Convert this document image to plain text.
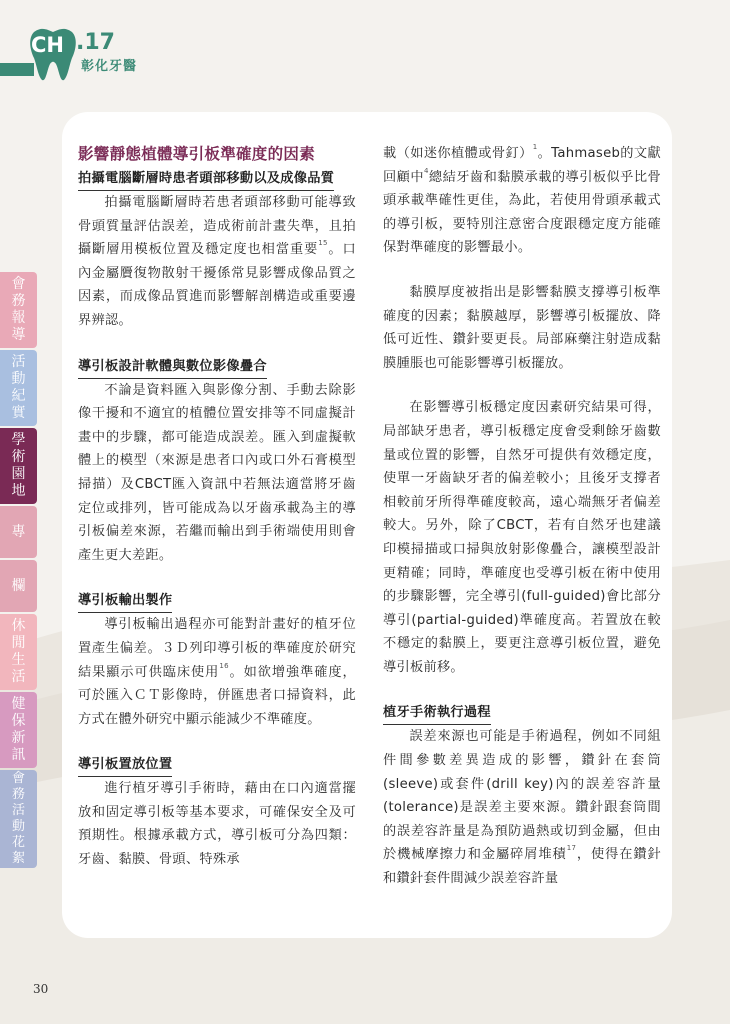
CH .17
彰化牙醫
會
務
報
導
活
動
紀
實
學
術
園
地
專
欄
休
閒
生
活
健
保
新
訊
會
務
活
動
花
絮
影響靜態植體導引板準確度的因素
拍攝電腦斷層時患者頭部移動以及成像品質

拍攝電腦斷層時若患者頭部移動可能導致骨頭質量評估誤差，造成術前計畫失準，且拍攝斷層用模板位置及穩定度也相當重要$^{15}$。口內金屬贗復物散射干擾係常見影響成像品質之因素，而成像品質進而影響解剖構造或重要邊界辨認。

導引板設計軟體與數位影像疊合

不論是資料匯入與影像分割、手動去除影像干擾和不適宜的植體位置安排等不同虛擬計畫中的步驟，都可能造成誤差。匯入到虛擬軟體上的模型（來源是患者口內或口外石膏模型掃描）及CBCT匯入資訊中若無法適當將牙齒定位或排列，皆可能成為以牙齒承載為主的導引板偏差來源，若繼而輸出到手術端使用則會產生更大差距。

導引板輸出製作

導引板輸出過程亦可能對計畫好的植牙位置產生偏差。３Ｄ列印導引板的準確度於研究結果顯示可供臨床使用$^{16}$。如欲增強準確度，可於匯入ＣＴ影像時，併匯患者口掃資料，此方式在體外研究中顯示能減少不準確度。

導引板置放位置

進行植牙導引手術時，藉由在口內適當擺放和固定導引板等基本要求，可確保安全及可預期性。根據承載方式，導引板可分為四類：牙齒、黏膜、骨頭、特殊承

載（如迷你植體或骨釘）$^1$。Tahmaseb的文獻回顧中$^4$總結牙齒和黏膜承載的導引板似乎比骨頭承載準確性更佳，為此，若使用骨頭承載式的導引板，要特別注意密合度跟穩定度方能確保對準確度的影響最小。

黏膜厚度被指出是影響黏膜支撐導引板準確度的因素；黏膜越厚，影響導引板擺放、降低可近性、鑽針要更長。局部麻藥注射造成黏膜腫脹也可能影響導引板擺放。

在影響導引板穩定度因素研究結果可得，局部缺牙患者，導引板穩定度會受剩餘牙齒數量或位置的影響，自然牙可提供有效穩定度，使單一牙齒缺牙者的偏差較小；且後牙支撐者相較前牙所得準確度較高，遠心端無牙者偏差較大。另外，除了CBCT，若有自然牙也建議印模掃描或口掃與放射影像疊合，讓模型設計更精確；同時，準確度也受導引板在術中使用的步驟影響，完全導引(full-guided)會比部分導引(partial-guided)準確度高。若置放在較不穩定的黏膜上，要更注意導引板位置，避免導引板前移。

植牙手術執行過程

誤差來源也可能是手術過程，例如不同組件間參數差異造成的影響，鑽針在套筒(sleeve)或套件(drill key)內的誤差容許量(tolerance)是誤差主要來源。鑽針跟套筒間的誤差容許量是為預防過熱或切到金屬，但由於機械摩擦力和金屬碎屑堆積$^{17}$，使得在鑽針和鑽針套件間減少誤差容許量

30
